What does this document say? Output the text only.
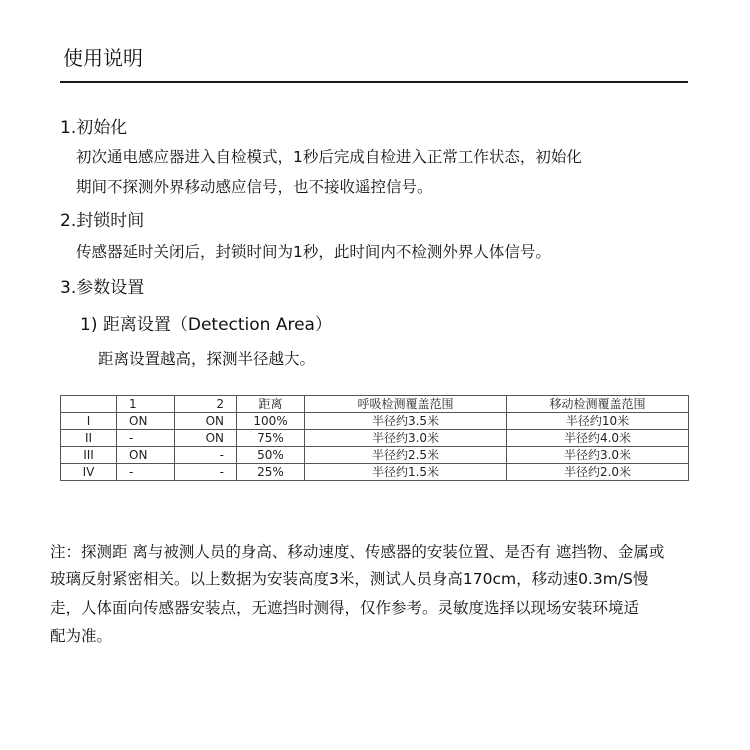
使用说明
1.初始化
初次通电感应器进入自检模式，1秒后完成自检进入正常工作状态，初始化
期间不探测外界移动感应信号，也不接收遥控信号。
2.封锁时间
传感器延时关闭后，封锁时间为1秒，此时间内不检测外界人体信号。
3.参数设置
1) 距离设置（Detection Area）
距离设置越高，探测半径越大。
	1	2	距离	呼吸检测覆盖范围	移动检测覆盖范围
I	ON	ON	100%	半径约3.5米	半径约10米
II	-	ON	75%	半径约3.0米	半径约4.0米
III	ON	-	50%	半径约2.5米	半径约3.0米
IV	-	-	25%	半径约1.5米	半径约2.0米
注：探测距 离与被测人员的身高、移动速度、传感器的安装位置、是否有 遮挡物、金属或
玻璃反射紧密相关。以上数据为安装高度3米，测试人员身高170cm，移动速0.3m/S慢
走，人体面向传感器安装点，无遮挡时测得，仅作参考。灵敏度选择以现场安装环境适
配为准。
